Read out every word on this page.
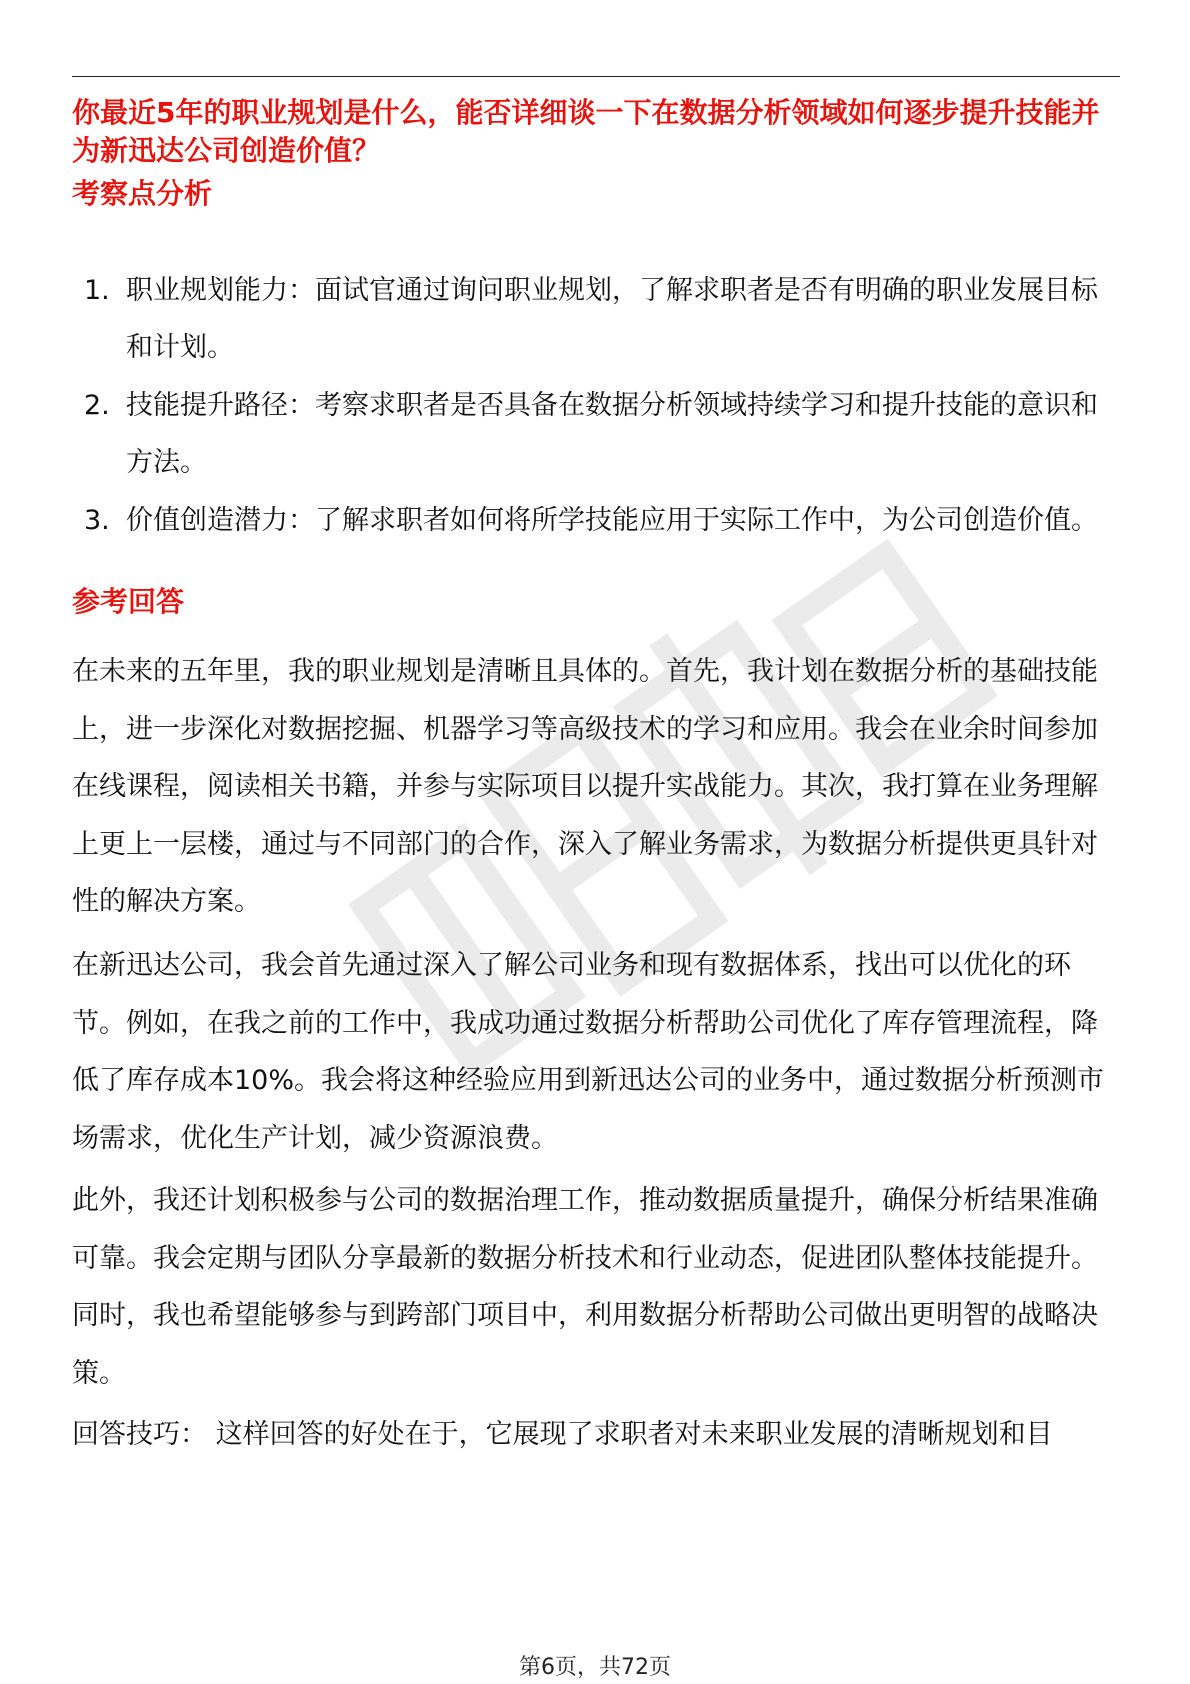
你最近5年的职业规划是什么，能否详细谈一下在数据分析领域如何逐步提升技能并为新迅达公司创造价值？
考察点分析
1. 职业规划能力：面试官通过询问职业规划，了解求职者是否有明确的职业发展目标和计划。
2. 技能提升路径：考察求职者是否具备在数据分析领域持续学习和提升技能的意识和方法。
3. 价值创造潜力：了解求职者如何将所学技能应用于实际工作中，为公司创造价值。
参考回答

在未来的五年里，我的职业规划是清晰且具体的。首先，我计划在数据分析的基础技能上，进一步深化对数据挖掘、机器学习等高级技术的学习和应用。我会在业余时间参加在线课程，阅读相关书籍，并参与实际项目以提升实战能力。其次，我打算在业务理解上更上一层楼，通过与不同部门的合作，深入了解业务需求，为数据分析提供更具针对性的解决方案。

在新迅达公司，我会首先通过深入了解公司业务和现有数据体系，找出可以优化的环节。例如，在我之前的工作中，我成功通过数据分析帮助公司优化了库存管理流程，降低了库存成本10%。我会将这种经验应用到新迅达公司的业务中，通过数据分析预测市场需求，优化生产计划，减少资源浪费。

此外，我还计划积极参与公司的数据治理工作，推动数据质量提升，确保分析结果准确可靠。我会定期与团队分享最新的数据分析技术和行业动态，促进团队整体技能提升。同时，我也希望能够参与到跨部门项目中，利用数据分析帮助公司做出更明智的战略决策。

回答技巧： 这样回答的好处在于，它展现了求职者对未来职业发展的清晰规划和目

第6页，共72页
